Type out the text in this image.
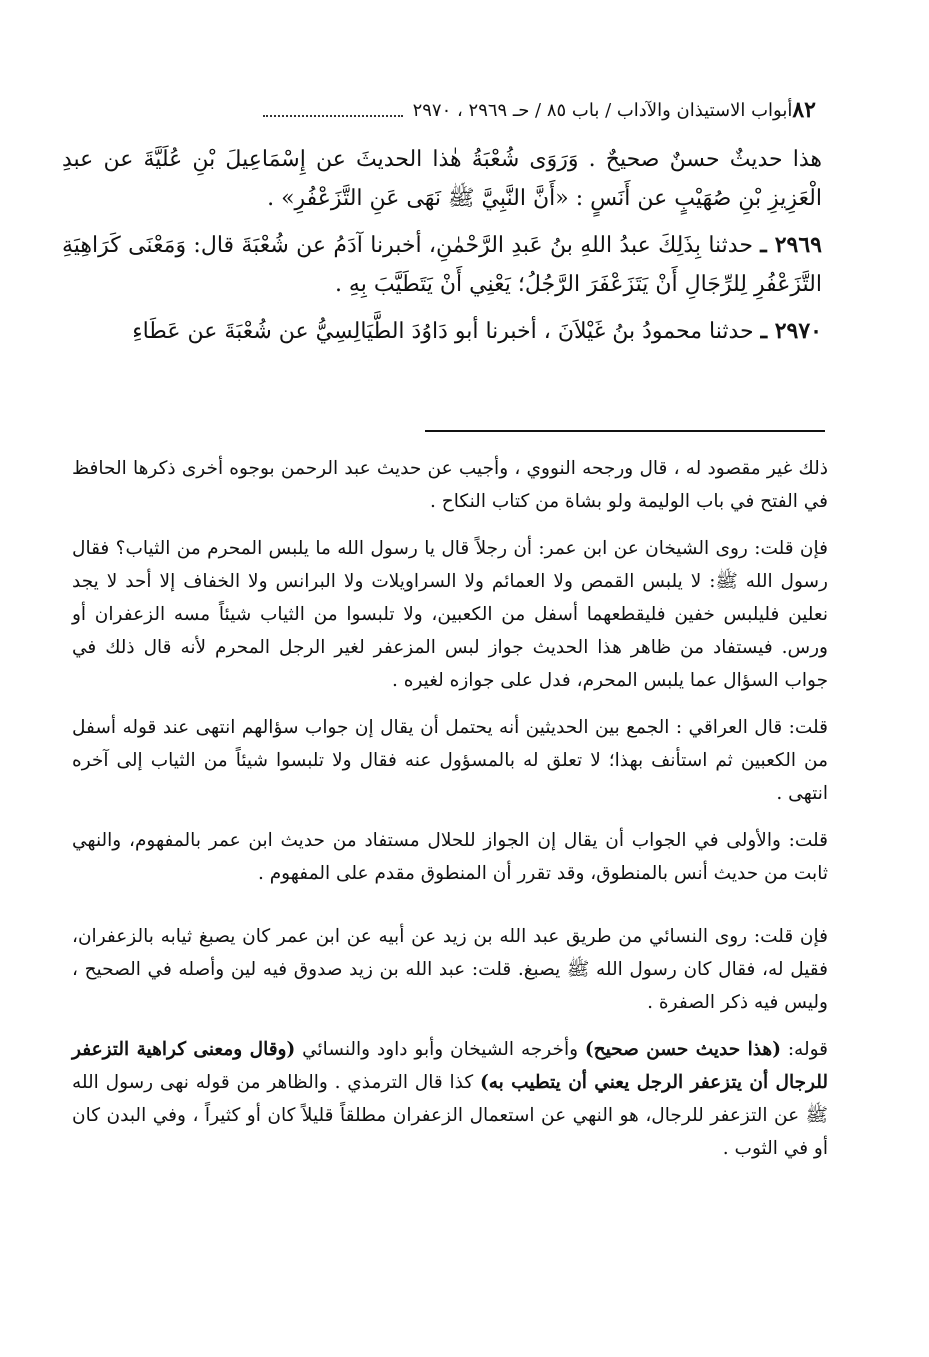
٨٢
أبواب الاستيذان والآداب / باب ٨٥ / حـ ٢٩٦٩ ، ٢٩٧٠

هذا حديثٌ حسنٌ صحيحٌ . وَرَوَى شُعْبَةُ هٰذا الحديثَ عن إِسْمَاعِيلَ بْنِ عُلَيَّةَ عن عبدِ الْعَزِيزِ بْنِ صُهَيْبٍ عن أَنَسٍ : «أَنَّ النَّبِيَّ ﷺ نَهَى عَنِ التَّزَعْفُرِ» .

٢٩٦٩ ـ حدثنا بِذَلِكَ عبدُ اللهِ بنُ عَبدِ الرَّحْمٰنِ، أخبرنا آدَمُ عن شُعْبَةَ قال: وَمَعْنَى كَرَاهِيَةِ التَّزَعْفُرِ لِلرِّجَالِ أَنْ يَتَزَعْفَرَ الرَّجُلُ؛ يَعْنِي أَنْ يَتَطَيَّبَ بِهِ .

٢٩٧٠ ـ حدثنا محمودُ بنُ غَيْلاَنَ ، أخبرنا أبو دَاوُدَ الطَّيَالِسِيُّ عن شُعْبَةَ عن عَطَاءِ

ذلك غير مقصود له ، قال ورجحه النووي ، وأجيب عن حديث عبد الرحمن بوجوه أخرى ذكرها الحافظ في الفتح في باب الوليمة ولو بشاة من كتاب النكاح .

فإن قلت: روى الشيخان عن ابن عمر: أن رجلاً قال يا رسول الله ما يلبس المحرم من الثياب؟ فقال رسول الله ﷺ: لا يلبس القمص ولا العمائم ولا السراويلات ولا البرانس ولا الخفاف إلا أحد لا يجد نعلين فليلبس خفين فليقطعهما أسفل من الكعبين، ولا تلبسوا من الثياب شيئاً مسه الزعفران أو ورس. فيستفاد من ظاهر هذا الحديث جواز لبس المزعفر لغير الرجل المحرم لأنه قال ذلك في جواب السؤال عما يلبس المحرم، فدل على جوازه لغيره .

قلت: قال العراقي : الجمع بين الحديثين أنه يحتمل أن يقال إن جواب سؤالهم انتهى عند قوله أسفل من الكعبين ثم استأنف بهذا؛ لا تعلق له بالمسؤول عنه فقال ولا تلبسوا شيئاً من الثياب إلى آخره انتهى .

قلت: والأولى في الجواب أن يقال إن الجواز للحلال مستفاد من حديث ابن عمر بالمفهوم، والنهي ثابت من حديث أنس بالمنطوق، وقد تقرر أن المنطوق مقدم على المفهوم .

فإن قلت: روى النسائي من طريق عبد الله بن زيد عن أبيه عن ابن عمر كان يصبغ ثيابه بالزعفران، فقيل له، فقال كان رسول الله ﷺ يصبغ. قلت: عبد الله بن زيد صدوق فيه لين وأصله في الصحيح ، وليس فيه ذكر الصفرة .

قوله: (هذا حديث حسن صحيح) وأخرجه الشيخان وأبو داود والنسائي (وقال ومعنى كراهية التزعفر للرجال أن يتزعفر الرجل يعني أن يتطيب به) كذا قال الترمذي . والظاهر من قوله نهى رسول الله ﷺ عن التزعفر للرجال، هو النهي عن استعمال الزعفران مطلقاً قليلاً كان أو كثيراً ، وفي البدن كان أو في الثوب .
